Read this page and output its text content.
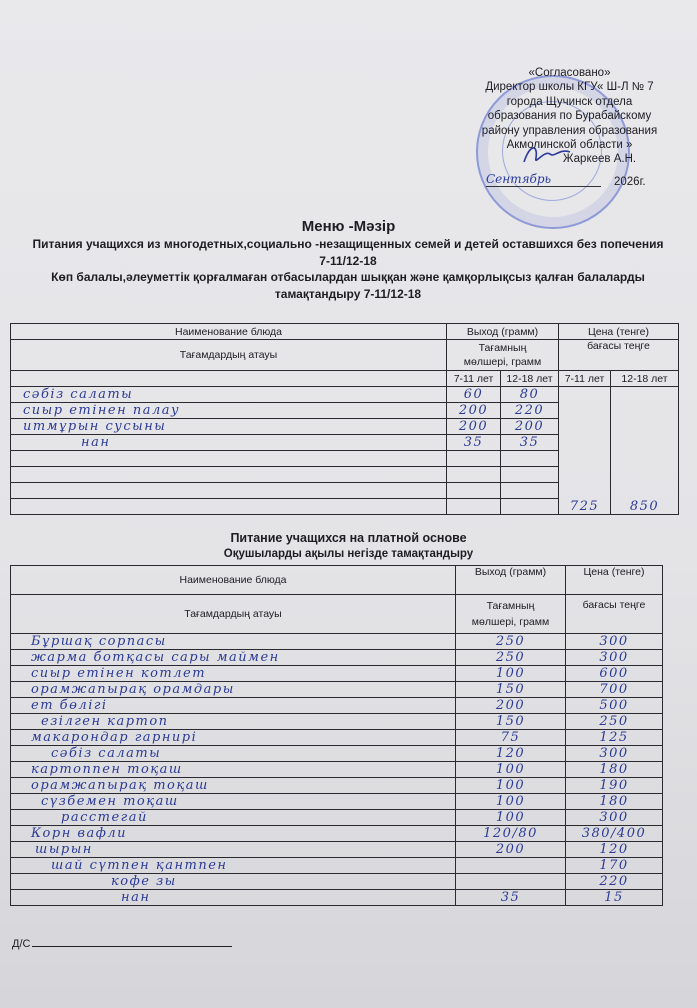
«Согласовано»
Директор школы КГУ« Ш-Л № 7
города Щучинск отдела
образования по Бурабайскому
району управления образования
Акмолинской области »
Жаркеев А.Н.
Сентябрь	2026г.
Меню -Мәзір
Питания учащихся из многодетных,социально -незащищенных семей и детей оставшихся без попечения
7-11/12-18
Көп балалы,әлеуметтік қорғалмаған отбасылардан шыққан және қамқорлықсыз қалған балаларды
тамақтандыру 7-11/12-18
Наименование блюда	Выход (грамм)		Цена (тенге)	
Тағамдардың атауы	Тағамның
мөлшері, грамм		бағасы теңге	
	7-11 лет	12-18 лет	7-11 лет	12-18 лет
сәбіз салаты	60	80	725	850
сиыр етінен палау	200	220		
итмұрын сусыны	200	200		
нан	35	35		

Питание учащихся на платной основе
Оқушыларды ақылы негізде тамақтандыру
Наименование блюда	Выход (грамм)	Цена (тенге)
Тағамдардың атауы	Тағамның
мөлшері, грамм	бағасы теңге
Бұршақ сорпасы	250	300
жарма ботқасы сары маймен	250	300
сиыр етінен котлет	100	600
орамжапырақ орамдары	150	700
ет бөлігі	200	500
езілген картоп	150	250
макарондар гарнирі	75	125
сәбіз салаты	120	300
картоппен тоқаш	100	180
орамжапырақ тоқаш	100	190
сүзбемен тоқаш	100	180
расстегай	100	300
Корн вафли	120/80	380/400
шырын	200	120
шай сүтпен қантпен		170
кофе зы		220
нан	35	15
Д/С
